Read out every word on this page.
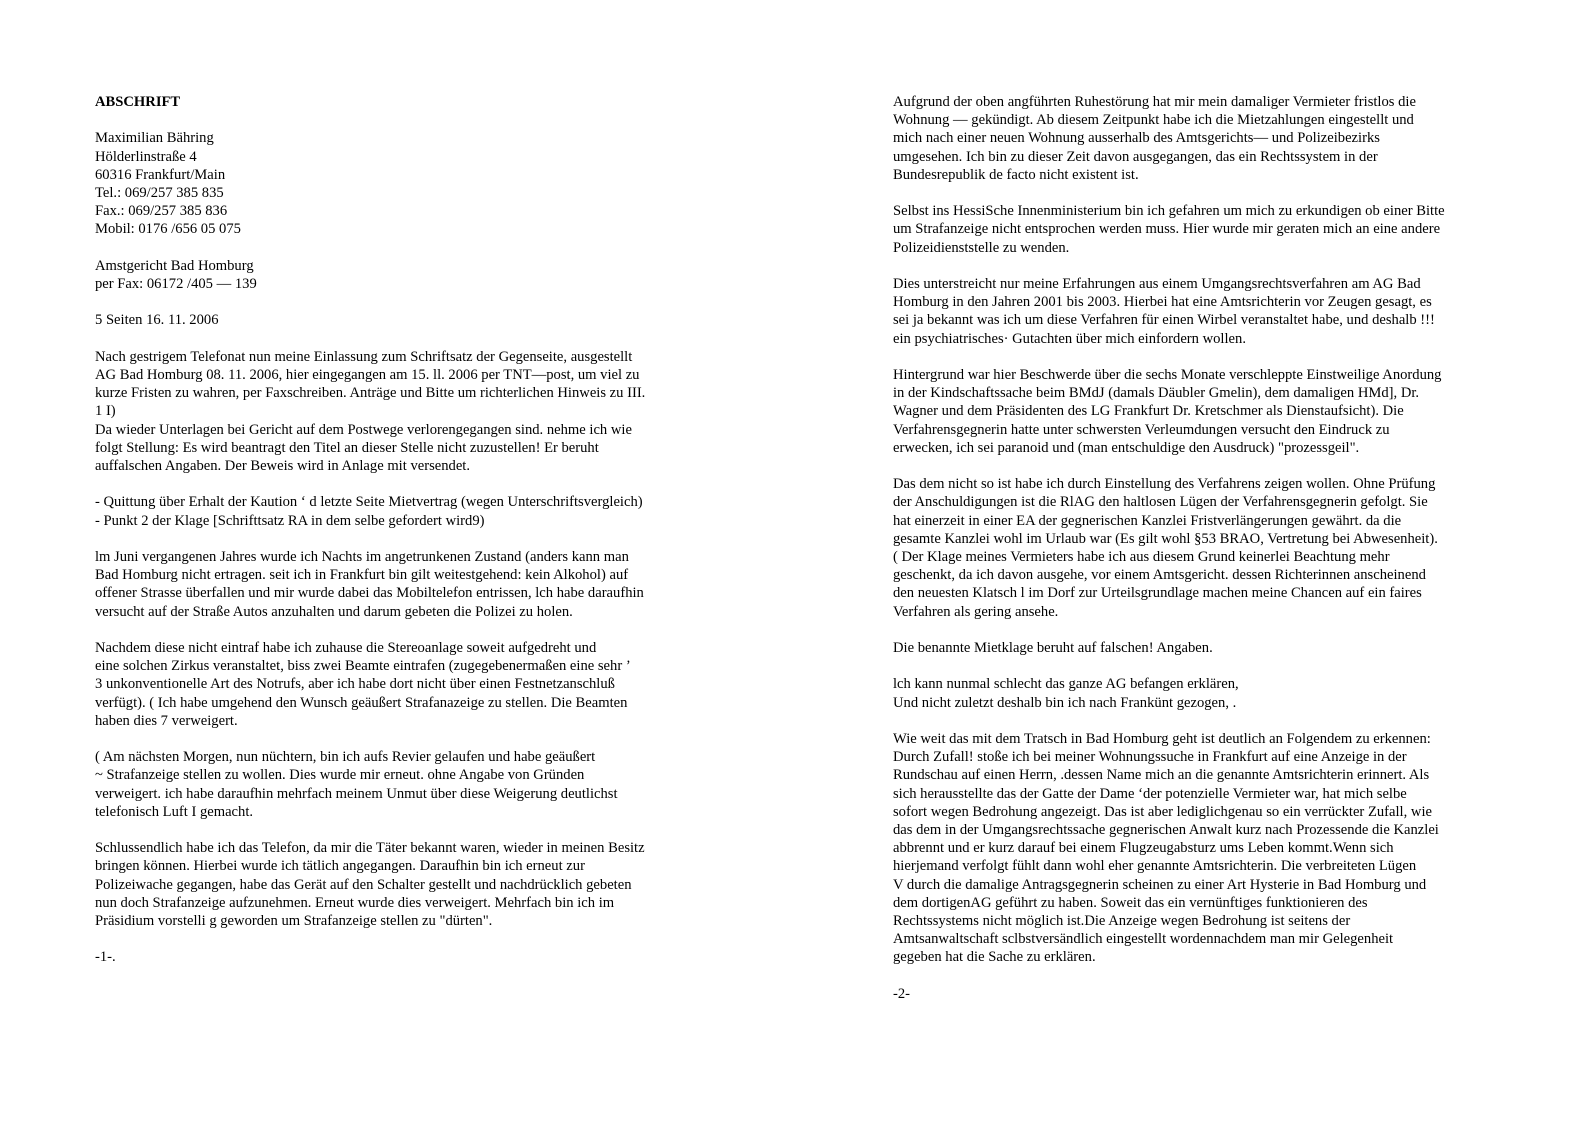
ABSCHRIFT
Maximilian Bähring
Hölderlinstraße 4
60316 Frankfurt/Main
Tel.: 069/257 385 835
Fax.: 069/257 385 836
Mobil: 0176 /656 05 075
Amstgericht Bad Homburg
per Fax: 06172 /405 — 139
5 Seiten 16. 11. 2006
Nach gestrigem Telefonat nun meine Einlassung zum Schriftsatz der Gegenseite, ausgestellt
AG Bad Homburg 08. 11. 2006, hier eingegangen am 15. ll. 2006 per TNT—post, um viel zu
kurze Fristen zu wahren, per Faxschreiben. Anträge und Bitte um richterlichen Hinweis zu III.
1 I)
Da wieder Unterlagen bei Gericht auf dem Postwege verlorengegangen sind. nehme ich wie
folgt Stellung: Es wird beantragt den Titel an dieser Stelle nicht zuzustellen! Er beruht
auffalschen Angaben. Der Beweis wird in Anlage mit versendet.
- Quittung über Erhalt der Kaution ‘ d letzte Seite Mietvertrag (wegen Unterschriftsvergleich)
- Punkt 2 der Klage [Schrifttsatz RA in dem selbe gefordert wird9)
lm Juni vergangenen Jahres wurde ich Nachts im angetrunkenen Zustand (anders kann man
Bad Homburg nicht ertragen. seit ich in Frankfurt bin gilt weitestgehend: kein Alkohol) auf
offener Strasse überfallen und mir wurde dabei das Mobiltelefon entrissen, lch habe daraufhin
versucht auf der Straße Autos anzuhalten und darum gebeten die Polizei zu holen.
Nachdem diese nicht eintraf habe ich zuhause die Stereoanlage soweit aufgedreht und
eine solchen Zirkus veranstaltet, biss zwei Beamte eintrafen (zugegebenermaßen eine sehr ’
3 unkonventionelle Art des Notrufs, aber ich habe dort nicht über einen Festnetzanschluß
verfügt). ( Ich habe umgehend den Wunsch geäußert Strafanazeige zu stellen. Die Beamten
haben dies 7 verweigert.
( Am nächsten Morgen, nun nüchtern, bin ich aufs Revier gelaufen und habe geäußert
~ Strafanzeige stellen zu wollen. Dies wurde mir erneut. ohne Angabe von Gründen
verweigert. ich habe daraufhin mehrfach meinem Unmut über diese Weigerung deutlichst
telefonisch Luft I gemacht.
Schlussendlich habe ich das Telefon, da mir die Täter bekannt waren, wieder in meinen Besitz
bringen können. Hierbei wurde ich tätlich angegangen. Daraufhin bin ich erneut zur
Polizeiwache gegangen, habe das Gerät auf den Schalter gestellt und nachdrücklich gebeten
nun doch Strafanzeige aufzunehmen. Erneut wurde dies verweigert. Mehrfach bin ich im
Präsidium vorstelli g geworden um Strafanzeige stellen zu "dürten".
-1-.
Aufgrund der oben angführten Ruhestörung hat mir mein damaliger Vermieter fristlos die
Wohnung — gekündigt. Ab diesem Zeitpunkt habe ich die Mietzahlungen eingestellt und
mich nach einer neuen Wohnung ausserhalb des Amtsgerichts— und Polizeibezirks
umgesehen. Ich bin zu dieser Zeit davon ausgegangen, das ein Rechtssystem in der
Bundesrepublik de facto nicht existent ist.
Selbst ins HessiSche Innenministerium bin ich gefahren um mich zu erkundigen ob einer Bitte
um Strafanzeige nicht entsprochen werden muss. Hier wurde mir geraten mich an eine andere
Polizeidienststelle zu wenden.
Dies unterstreicht nur meine Erfahrungen aus einem Umgangsrechtsverfahren am AG Bad
Homburg in den Jahren 2001 bis 2003. Hierbei hat eine Amtsrichterin vor Zeugen gesagt, es
sei ja bekannt was ich um diese Verfahren für einen Wirbel veranstaltet habe, und deshalb !!!
ein psychiatrisches· Gutachten über mich einfordern wollen.
Hintergrund war hier Beschwerde über die sechs Monate verschleppte Einstweilige Anordung
in der Kindschaftssache beim BMdJ (damals Däubler Gmelin), dem damaligen HMd], Dr.
Wagner und dem Präsidenten des LG Frankfurt Dr. Kretschmer als Dienstaufsicht). Die
Verfahrensgegnerin hatte unter schwersten Verleumdungen versucht den Eindruck zu
erwecken, ich sei paranoid und (man entschuldige den Ausdruck) "prozessgeil".
Das dem nicht so ist habe ich durch Einstellung des Verfahrens zeigen wollen. Ohne Prüfung
der Anschuldigungen ist die RlAG den haltlosen Lügen der Verfahrensgegnerin gefolgt. Sie
hat einerzeit in einer EA der gegnerischen Kanzlei Fristverlängerungen gewährt. da die
gesamte Kanzlei wohl im Urlaub war (Es gilt wohl §53 BRAO, Vertretung bei Abwesenheit).
( Der Klage meines Vermieters habe ich aus diesem Grund keinerlei Beachtung mehr
geschenkt, da ich davon ausgehe, vor einem Amtsgericht. dessen Richterinnen anscheinend
den neuesten Klatsch l im Dorf zur Urteilsgrundlage machen meine Chancen auf ein faires
Verfahren als gering ansehe.
Die benannte Mietklage beruht auf falschen! Angaben.
lch kann nunmal schlecht das ganze AG befangen erklären,
Und nicht zuletzt deshalb bin ich nach Frankünt gezogen, .
Wie weit das mit dem Tratsch in Bad Homburg geht ist deutlich an Folgendem zu erkennen:
Durch Zufall! stoße ich bei meiner Wohnungssuche in Frankfurt auf eine Anzeige in der
Rundschau auf einen Herrn, .dessen Name mich an die genannte Amtsrichterin erinnert. Als
sich herausstellte das der Gatte der Dame ‘der potenzielle Vermieter war, hat mich selbe
sofort wegen Bedrohung angezeigt. Das ist aber lediglichgenau so ein verrückter Zufall, wie
das dem in der Umgangsrechtssache gegnerischen Anwalt kurz nach Prozessende die Kanzlei
abbrennt und er kurz darauf bei einem Flugzeugabsturz ums Leben kommt.Wenn sich
hierjemand verfolgt fühlt dann wohl eher genannte Amtsrichterin. Die verbreiteten Lügen
V durch die damalige Antragsgegnerin scheinen zu einer Art Hysterie in Bad Homburg und
dem dortigenAG geführt zu haben. Soweit das ein vernünftiges funktionieren des
Rechtssystems nicht möglich ist.Die Anzeige wegen Bedrohung ist seitens der
Amtsanwaltschaft sclbstversändlich eingestellt wordennachdem man mir Gelegenheit
gegeben hat die Sache zu erklären.
-2-
